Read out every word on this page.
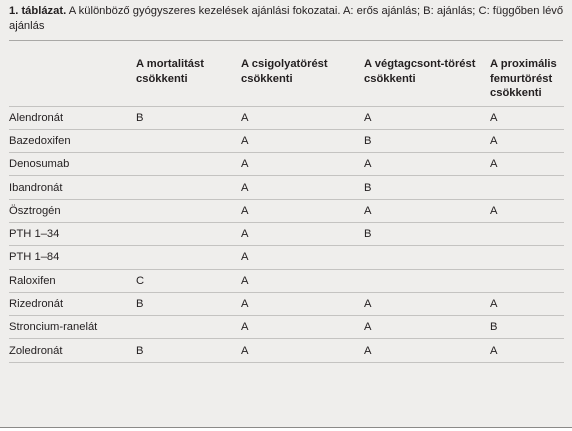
1. táblázat. A különböző gyógyszeres kezelések ajánlási fokozatai. A: erős ajánlás; B: ajánlás; C: függőben lévő ajánlás
	A mortalitást csökkenti	A csigolyatörést csökkenti	A végtagcsont-törést csökkenti	A proximális femurtörést csökkenti
Alendronát	B	A	A	A
Bazedoxifen		A	B	A
Denosumab		A	A	A
Ibandronát		A	B	
Ösztrogén		A	A	A
PTH 1–34		A	B	
PTH 1–84		A		
Raloxifen	C	A		
Rizedronát	B	A	A	A
Stroncium-ranelát		A	A	B
Zoledronát	B	A	A	A
